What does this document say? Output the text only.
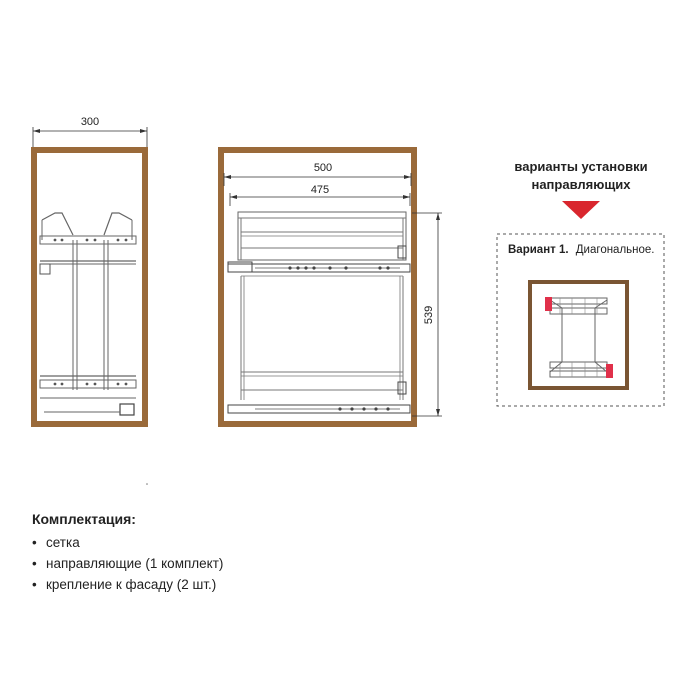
300
500
475
539
варианты установки
направляющих
Вариант 1. Диагональное.
Комплектация:
• сетка
• направляющие (1 комплект)
• крепление к фасаду (2 шт.)
